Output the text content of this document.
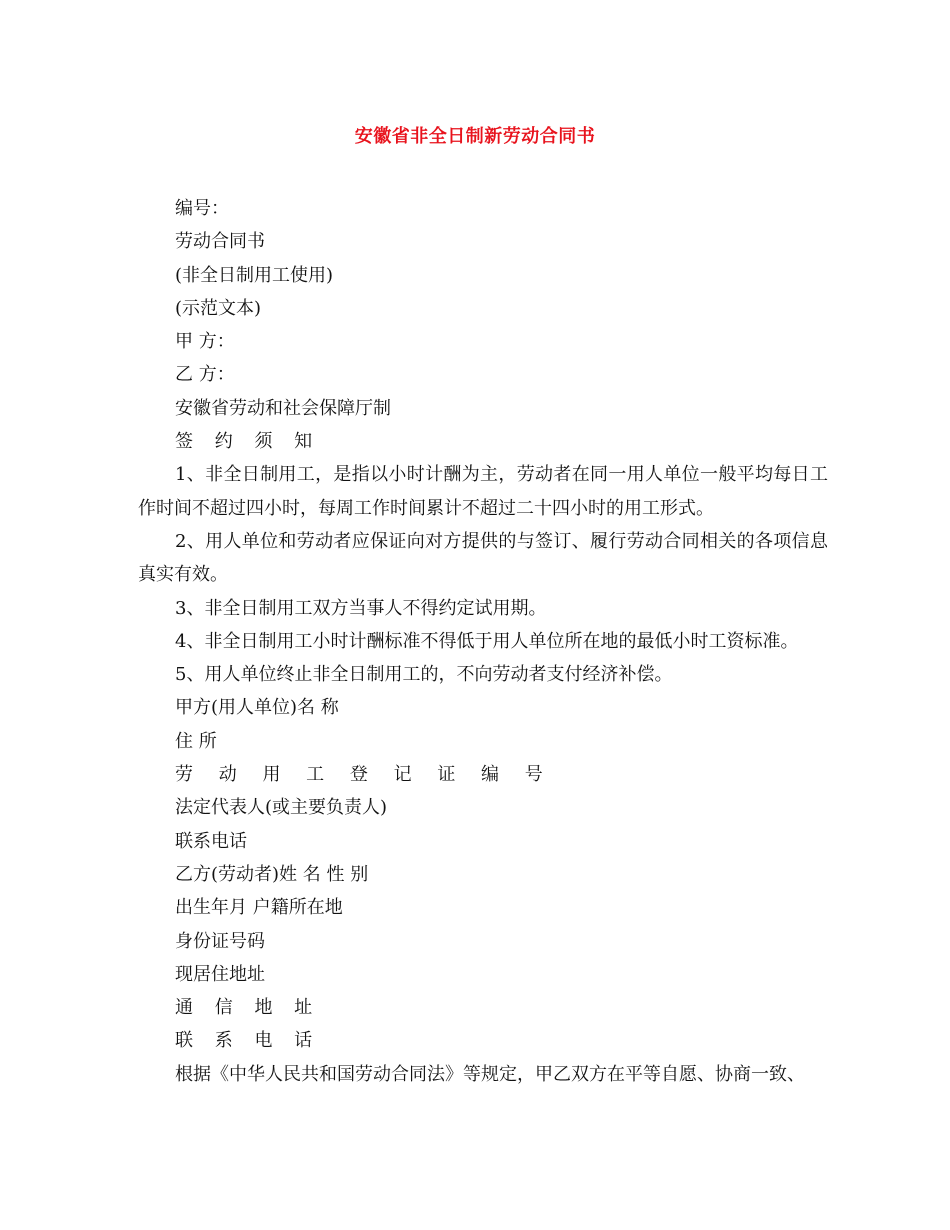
安徽省非全日制新劳动合同书
编号：
劳动合同书
(非全日制用工使用)
(示范文本)
甲 方：
乙 方：
安徽省劳动和社会保障厅制
签 约 须 知
1、非全日制用工，是指以小时计酬为主，劳动者在同一用人单位一般平均每日工作时间不超过四小时，每周工作时间累计不超过二十四小时的用工形式。
2、用人单位和劳动者应保证向对方提供的与签订、履行劳动合同相关的各项信息真实有效。
3、非全日制用工双方当事人不得约定试用期。
4、非全日制用工小时计酬标准不得低于用人单位所在地的最低小时工资标准。
5、用人单位终止非全日制用工的，不向劳动者支付经济补偿。
甲方(用人单位)名 称
住 所
劳 动 用 工 登 记 证 编 号
法定代表人(或主要负责人)
联系电话
乙方(劳动者)姓 名 性 别
出生年月 户籍所在地
身份证号码
现居住地址
通 信 地 址
联 系 电 话
根据《中华人民共和国劳动合同法》等规定，甲乙双方在平等自愿、协商一致、
